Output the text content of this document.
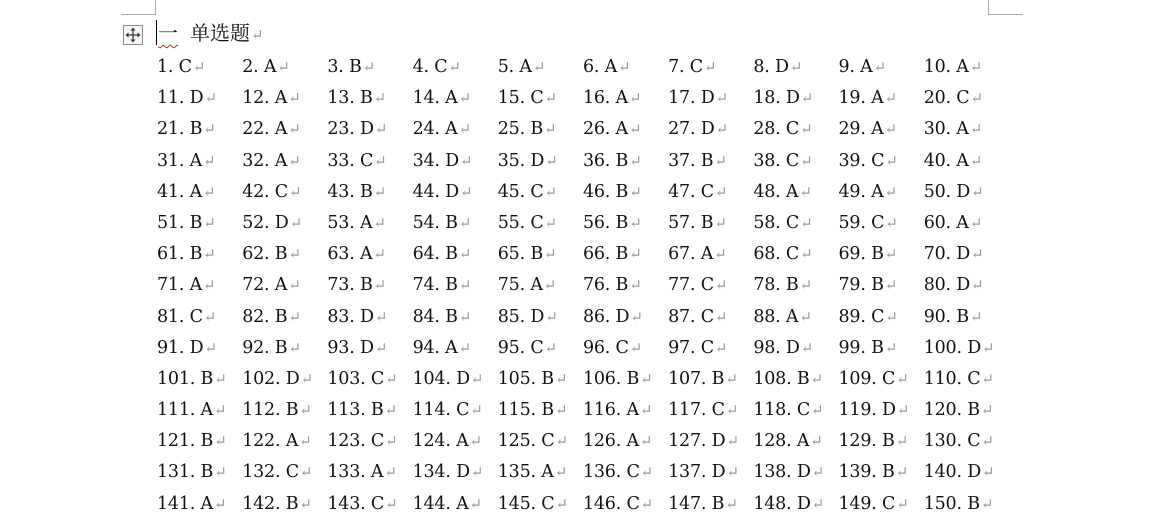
一 单选题↵
1. C↵	2. A↵	3. B↵	4. C↵	5. A↵	6. A↵	7. C↵	8. D↵	9. A↵	10. A↵
11. D↵	12. A↵	13. B↵	14. A↵	15. C↵	16. A↵	17. D↵	18. D↵	19. A↵	20. C↵
21. B↵	22. A↵	23. D↵	24. A↵	25. B↵	26. A↵	27. D↵	28. C↵	29. A↵	30. A↵
31. A↵	32. A↵	33. C↵	34. D↵	35. D↵	36. B↵	37. B↵	38. C↵	39. C↵	40. A↵
41. A↵	42. C↵	43. B↵	44. D↵	45. C↵	46. B↵	47. C↵	48. A↵	49. A↵	50. D↵
51. B↵	52. D↵	53. A↵	54. B↵	55. C↵	56. B↵	57. B↵	58. C↵	59. C↵	60. A↵
61. B↵	62. B↵	63. A↵	64. B↵	65. B↵	66. B↵	67. A↵	68. C↵	69. B↵	70. D↵
71. A↵	72. A↵	73. B↵	74. B↵	75. A↵	76. B↵	77. C↵	78. B↵	79. B↵	80. D↵
81. C↵	82. B↵	83. D↵	84. B↵	85. D↵	86. D↵	87. C↵	88. A↵	89. C↵	90. B↵
91. D↵	92. B↵	93. D↵	94. A↵	95. C↵	96. C↵	97. C↵	98. D↵	99. B↵	100. D↵
101. B↵ 102. D↵ 103. C↵ 104. D↵ 105. B↵ 106. B↵ 107. B↵ 108. B↵ 109. C↵ 110. C↵
111. A↵ 112. B↵ 113. B↵ 114. C↵ 115. B↵ 116. A↵ 117. C↵ 118. C↵ 119. D↵ 120. B↵
121. B↵ 122. A↵ 123. C↵ 124. A↵ 125. C↵ 126. A↵ 127. D↵ 128. A↵ 129. B↵ 130. C↵
131. B↵ 132. C↵ 133. A↵ 134. D↵ 135. A↵ 136. C↵ 137. D↵ 138. D↵ 139. B↵ 140. D↵
141. A↵ 142. B↵ 143. C↵ 144. A↵ 145. C↵ 146. C↵ 147. B↵ 148. D↵ 149. C↵ 150. B↵
